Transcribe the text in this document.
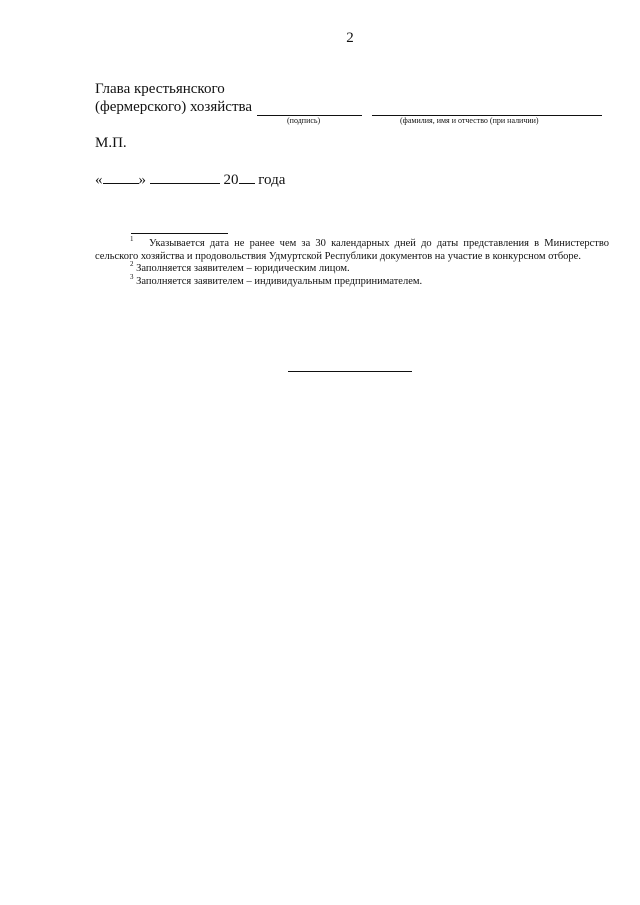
2
Глава крестьянского
(фермерского) хозяйства
(подпись)	(фамилия, имя и отчество (при наличии)
М.П.
« »	20 года

$^1$ Указывается дата не ранее чем за 30 календарных дней до даты представления в Министерство сельского хозяйства и продовольствия Удмуртской Республики документов на участие в конкурсном отборе.

$^2$ Заполняется заявителем – юридическим лицом.

$^3$ Заполняется заявителем – индивидуальным предпринимателем.
